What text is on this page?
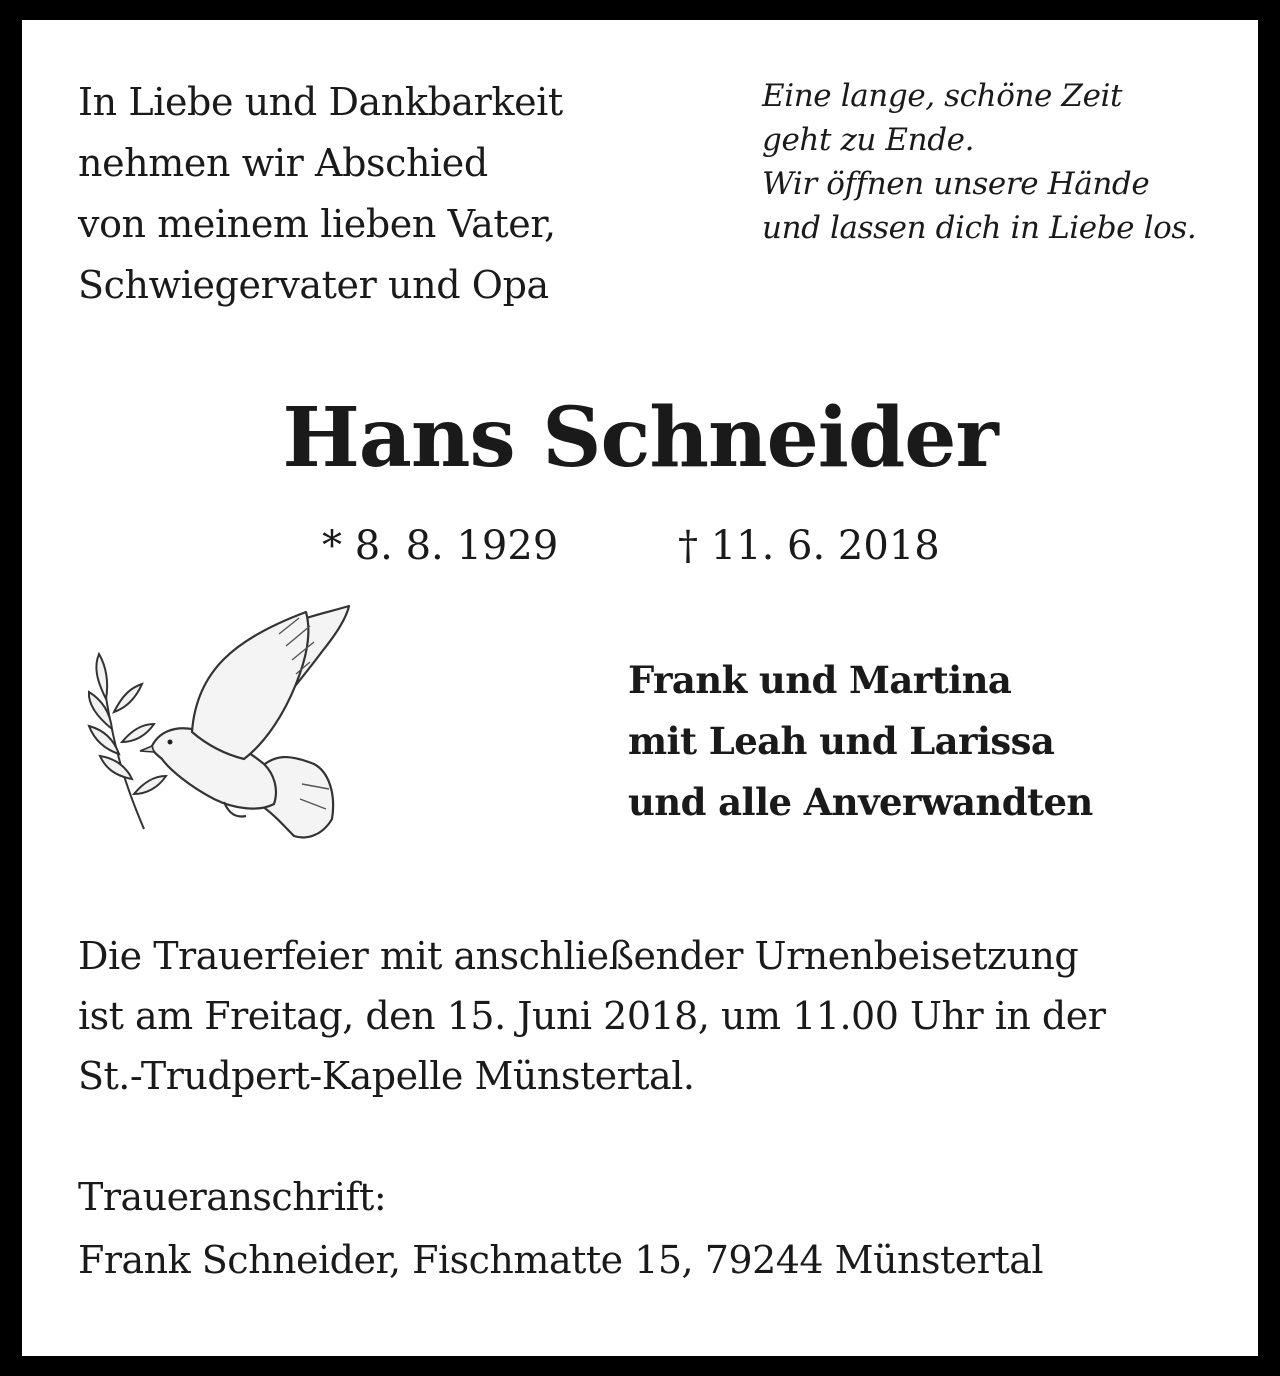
In Liebe und Dankbarkeit
nehmen wir Abschied
von meinem lieben Vater,
Schwiegervater und Opa

Eine lange, schöne Zeit
geht zu Ende.
Wir öffnen unsere Hände
und lassen dich in Liebe los.

Hans Schneider
* 8. 8. 1929	† 11. 6. 2018

Frank und Martina
mit Leah und Larissa
und alle Anverwandten

Die Trauerfeier mit anschließender Urnenbeisetzung
ist am Freitag, den 15. Juni 2018, um 11.00 Uhr in der
St.-Trudpert-Kapelle Münstertal.

Traueranschrift:
Frank Schneider, Fischmatte 15, 79244 Münstertal
